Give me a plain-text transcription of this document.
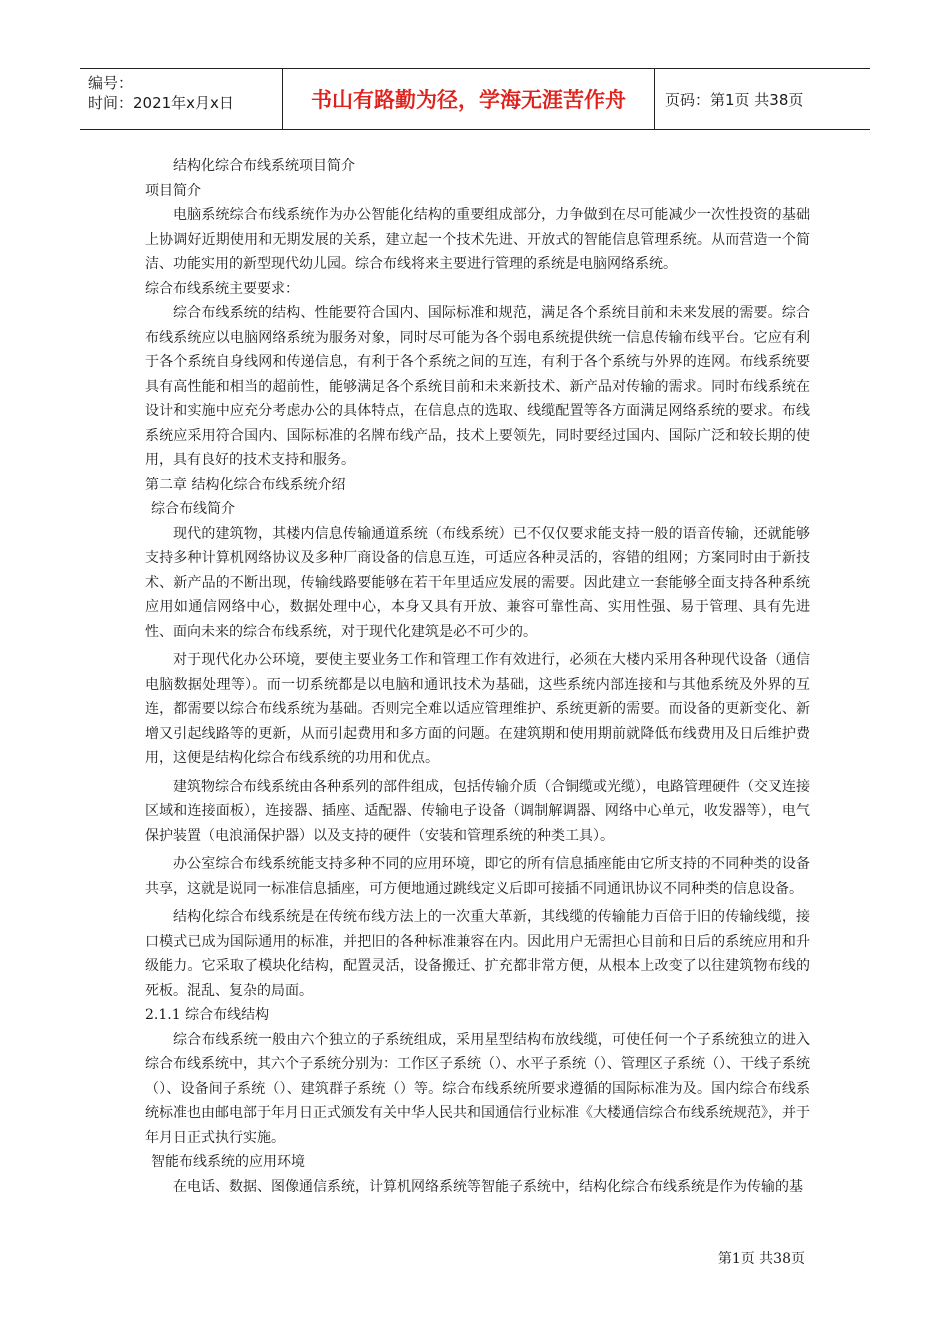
编号：
时间：2021年x月x日	书山有路勤为径，学海无涯苦作舟	页码：第1页 共38页

结构化综合布线系统项目简介

项目简介

电脑系统综合布线系统作为办公智能化结构的重要组成部分，力争做到在尽可能减少一次性投资的基础上协调好近期使用和无期发展的关系，建立起一个技术先进、开放式的智能信息管理系统。从而营造一个简洁、功能实用的新型现代幼儿园。综合布线将来主要进行管理的系统是电脑网络系统。

综合布线系统主要要求：

综合布线系统的结构、性能要符合国内、国际标准和规范，满足各个系统目前和未来发展的需要。综合布线系统应以电脑网络系统为服务对象，同时尽可能为各个弱电系统提供统一信息传输布线平台。它应有利于各个系统自身线网和传递信息，有利于各个系统之间的互连，有利于各个系统与外界的连网。布线系统要具有高性能和相当的超前性，能够满足各个系统目前和未来新技术、新产品对传输的需求。同时布线系统在设计和实施中应充分考虑办公的具体特点，在信息点的选取、线缆配置等各方面满足网络系统的要求。布线系统应采用符合国内、国际标准的名牌布线产品，技术上要领先，同时要经过国内、国际广泛和较长期的使用，具有良好的技术支持和服务。

第二章 结构化综合布线系统介绍

综合布线简介

现代的建筑物，其楼内信息传输通道系统（布线系统）已不仅仅要求能支持一般的语音传输，还就能够支持多种计算机网络协议及多种厂商设备的信息互连，可适应各种灵活的，容错的组网；方案同时由于新技术、新产品的不断出现，传输线路要能够在若干年里适应发展的需要。因此建立一套能够全面支持各种系统应用如通信网络中心，数据处理中心，本身又具有开放、兼容可靠性高、实用性强、易于管理、具有先进性、面向未来的综合布线系统，对于现代化建筑是必不可少的。

对于现代化办公环境，要使主要业务工作和管理工作有效进行，必须在大楼内采用各种现代设备（通信电脑数据处理等）。而一切系统都是以电脑和通讯技术为基础，这些系统内部连接和与其他系统及外界的互连，都需要以综合布线系统为基础。否则完全难以适应管理维护、系统更新的需要。而设备的更新变化、新增又引起线路等的更新，从而引起费用和多方面的问题。在建筑期和使用期前就降低布线费用及日后维护费用，这便是结构化综合布线系统的功用和优点。

建筑物综合布线系统由各种系列的部件组成，包括传输介质（合铜缆或光缆），电路管理硬件（交叉连接区域和连接面板），连接器、插座、适配器、传输电子设备（调制解调器、网络中心单元，收发器等），电气保护装置（电浪涌保护器）以及支持的硬件（安装和管理系统的种类工具）。

办公室综合布线系统能支持多种不同的应用环境，即它的所有信息插座能由它所支持的不同种类的设备共享，这就是说同一标准信息插座，可方便地通过跳线定义后即可接插不同通讯协议不同种类的信息设备。

结构化综合布线系统是在传统布线方法上的一次重大革新，其线缆的传输能力百倍于旧的传输线缆，接口模式已成为国际通用的标准，并把旧的各种标准兼容在内。因此用户无需担心目前和日后的系统应用和升级能力。它采取了模块化结构，配置灵活，设备搬迁、扩充都非常方便，从根本上改变了以往建筑物布线的死板。混乱、复杂的局面。

2.1.1 综合布线结构

综合布线系统一般由六个独立的子系统组成，采用星型结构布放线缆，可使任何一个子系统独立的进入综合布线系统中，其六个子系统分别为：工作区子系统（）、水平子系统（）、管理区子系统（）、干线子系统（）、设备间子系统（）、建筑群子系统（）等。综合布线系统所要求遵循的国际标准为及。国内综合布线系统标准也由邮电部于年月日正式颁发有关中华人民共和国通信行业标准《大楼通信综合布线系统规范》，并于年月日正式执行实施。

智能布线系统的应用环境

在电话、数据、图像通信系统，计算机网络系统等智能子系统中，结构化综合布线系统是作为传输的基

第1页 共38页
